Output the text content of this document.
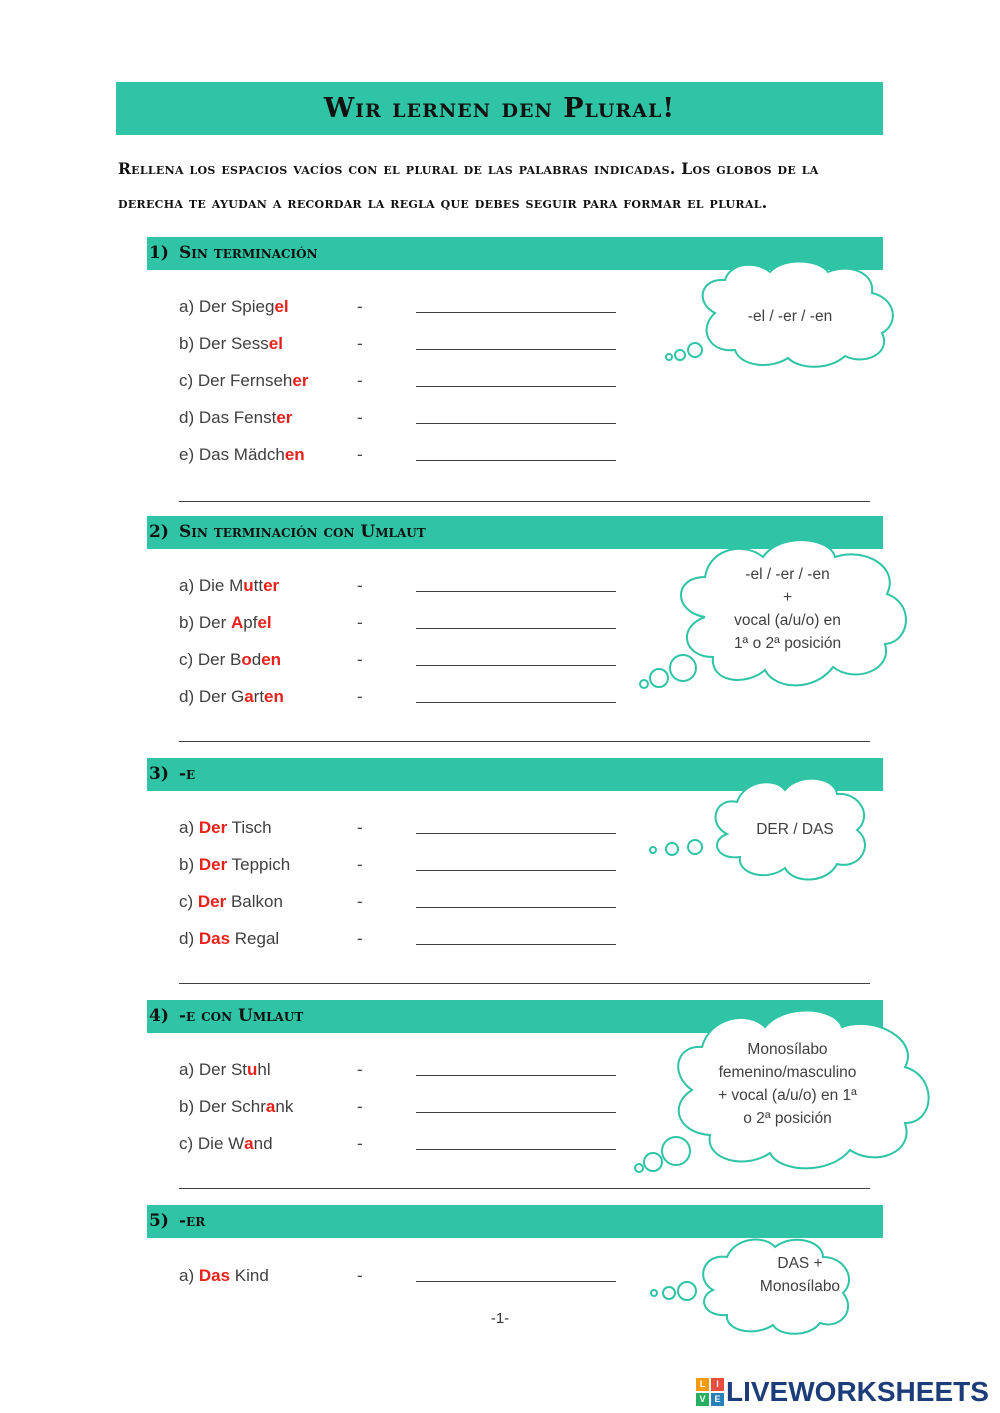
Wir lernen den Plural!
Rellena los espacios vacíos con el plural de las palabras indicadas. Los globos de la derecha te ayudan a recordar la regla que debes seguir para formar el plural.
1) Sin terminación
a) Der Spiegel	-
b) Der Sessel	-
c) Der Fernseher	-
d) Das Fenster	-
e) Das Mädchen	-
2) Sin terminación con Umlaut
a) Die Mutter	-
b) Der Apfel	-
c) Der Boden	-
d) Der Garten	-
3) -e
a) Der Tisch	-
b) Der Teppich	-
c) Der Balkon	-
d) Das Regal	-
4) -e con Umlaut
a) Der Stuhl	-
b) Der Schrank	-
c) Die Wand	-
5) -er
a) Das Kind	-
-el / -er / -en
-el / -er / -en
+
vocal (a/u/o) en
1ª o 2ª posición
DER / DAS
Monosílabo
femenino/masculino
+ vocal (a/u/o) en 1ª
o 2ª posición
DAS +
Monosílabo
-1-
L	I
V E LIVEWORKSHEETS
